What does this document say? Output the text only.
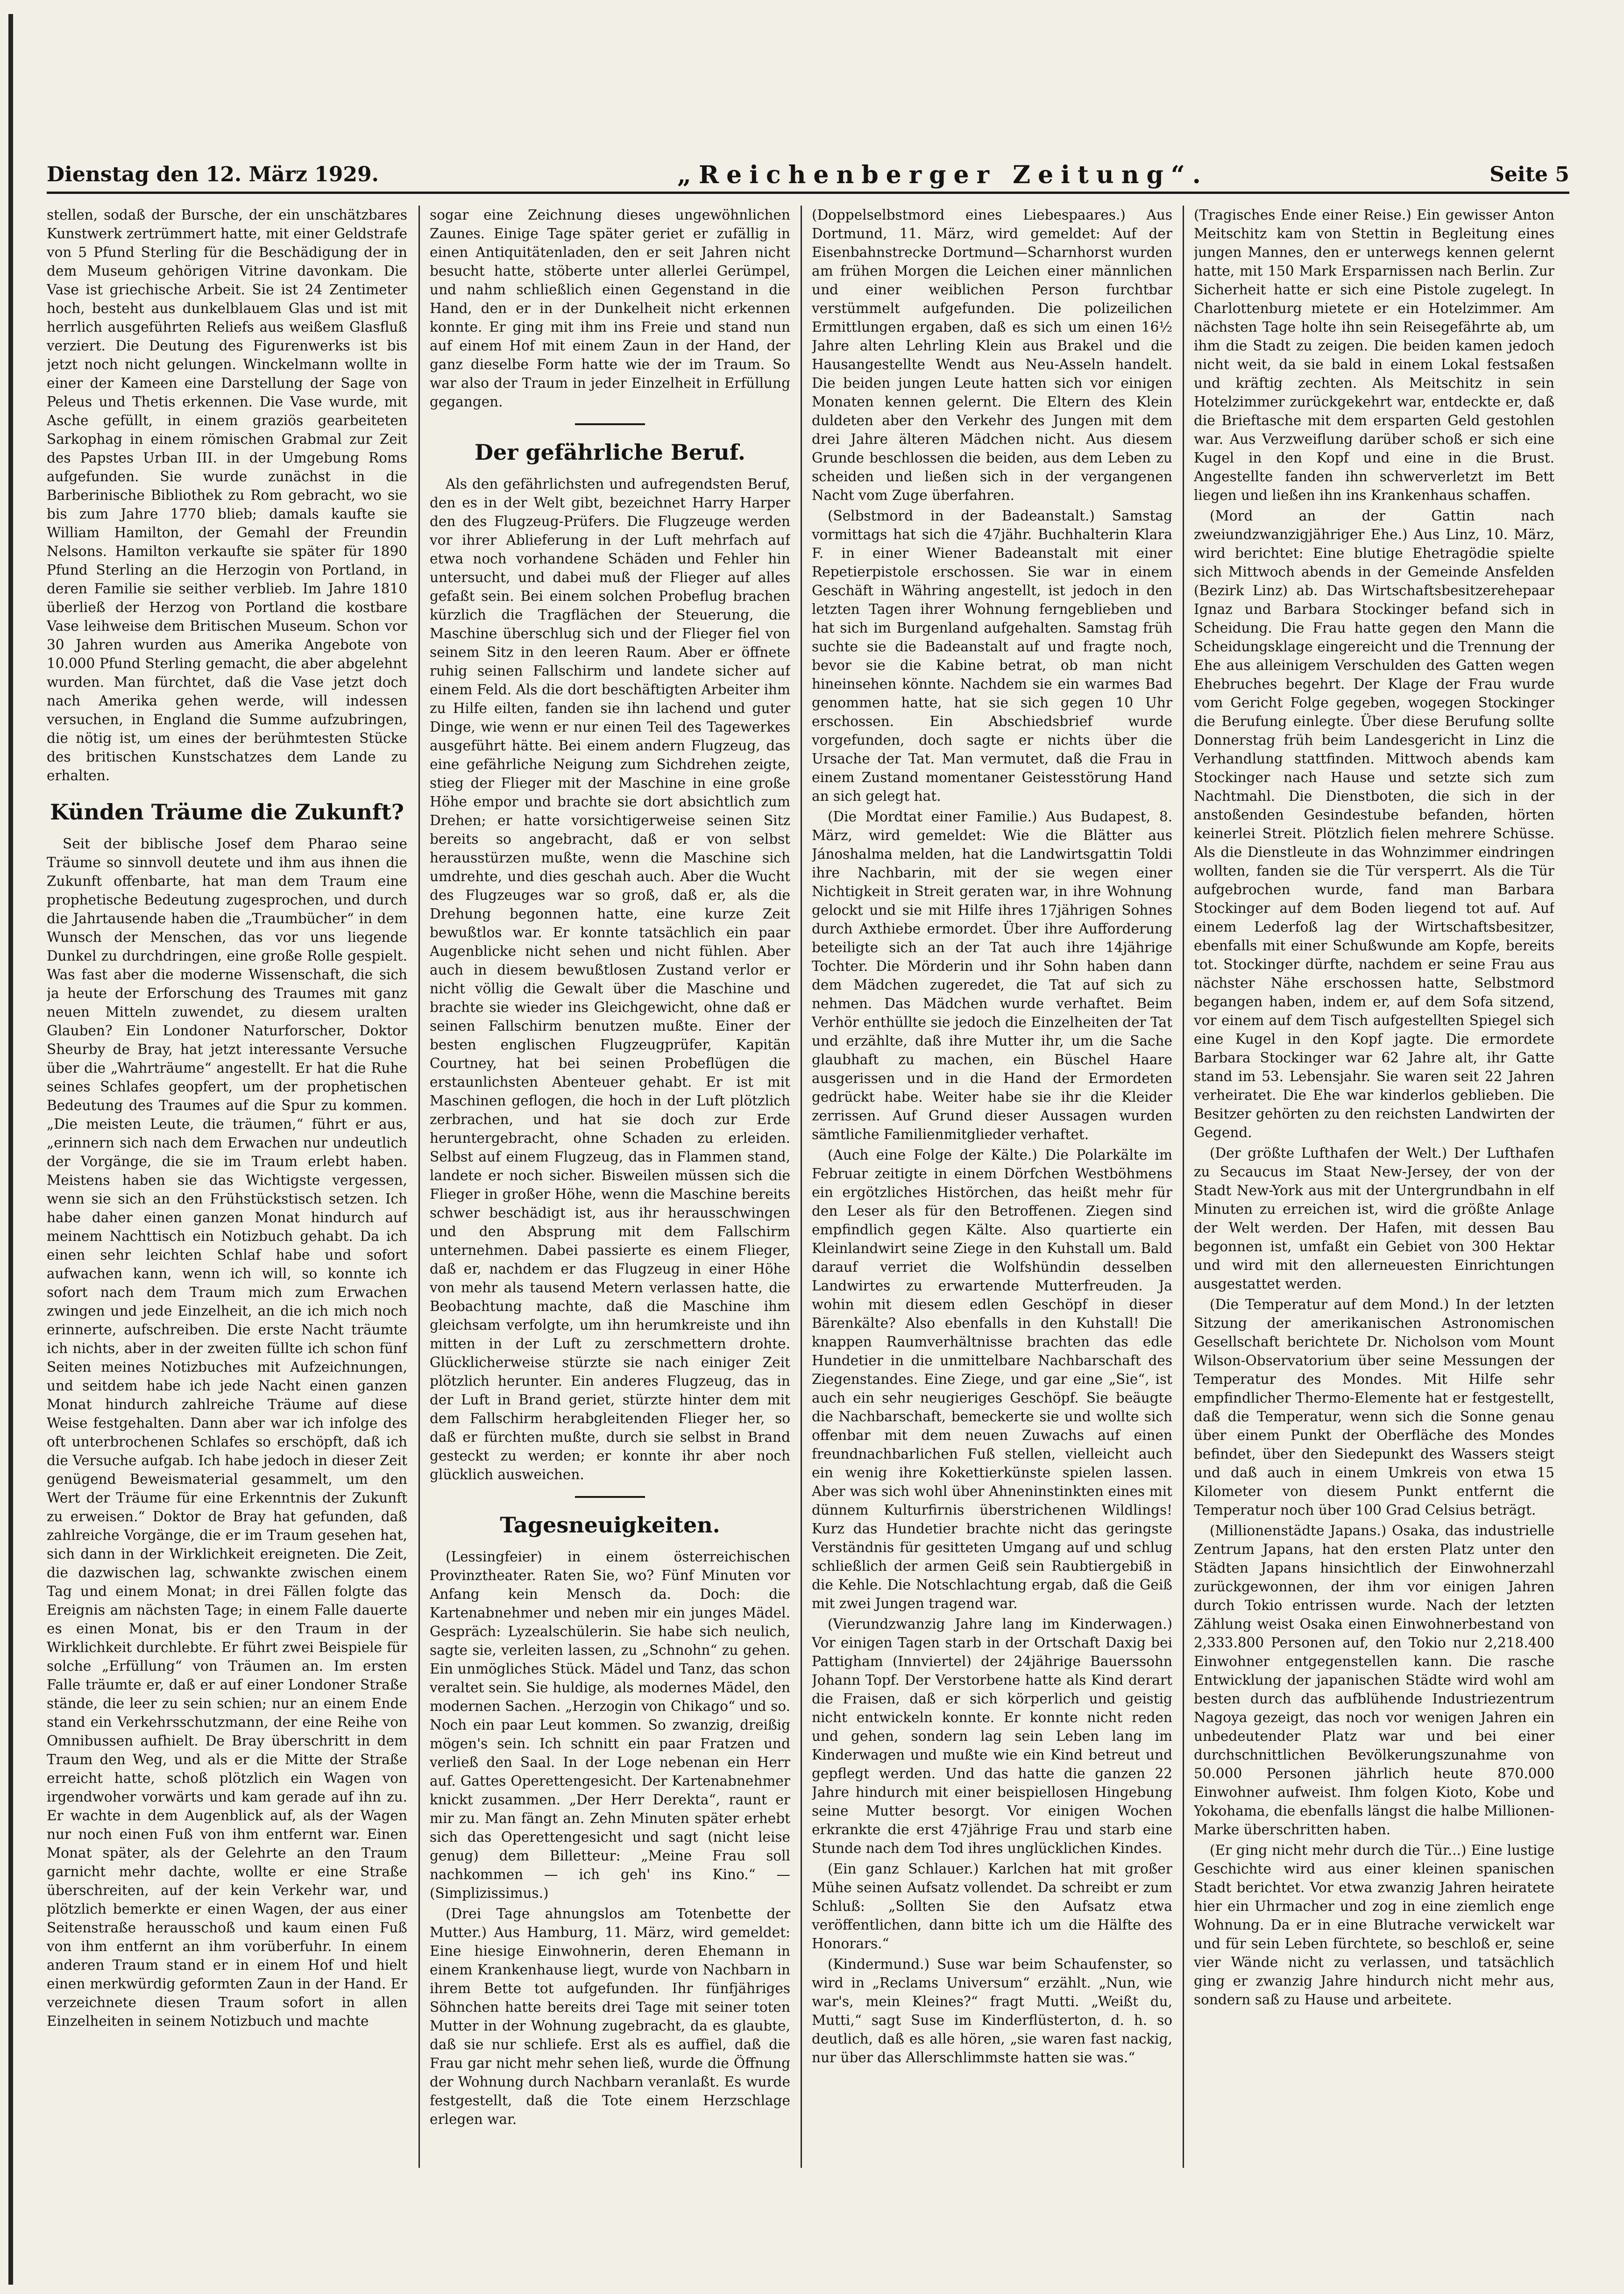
Dienstag den 12. März 1929.	„Reichenberger Zeitung“.	Seite 5

stellen, sodaß der Bursche, der ein unschätzbares Kunstwerk zertrümmert hatte, mit einer Geldstrafe von 5 Pfund Sterling für die Beschädigung der in dem Museum gehörigen Vitrine davonkam. Die Vase ist griechische Arbeit. Sie ist 24 Zentimeter hoch, besteht aus dunkelblauem Glas und ist mit herrlich ausgeführten Reliefs aus weißem Glasfluß verziert. Die Deutung des Figurenwerks ist bis jetzt noch nicht gelungen. Winckelmann wollte in einer der Kameen eine Darstellung der Sage von Peleus und Thetis erkennen. Die Vase wurde, mit Asche gefüllt, in einem graziös gearbeiteten Sarkophag in einem römischen Grabmal zur Zeit des Papstes Urban III. in der Umgebung Roms aufgefunden. Sie wurde zunächst in die Barberinische Bibliothek zu Rom gebracht, wo sie bis zum Jahre 1770 blieb; damals kaufte sie William Hamilton, der Gemahl der Freundin Nelsons. Hamilton verkaufte sie später für 1890 Pfund Sterling an die Herzogin von Portland, in deren Familie sie seither verblieb. Im Jahre 1810 überließ der Herzog von Portland die kostbare Vase leihweise dem Britischen Museum. Schon vor 30 Jahren wurden aus Amerika Angebote von 10.000 Pfund Sterling gemacht, die aber abgelehnt wurden. Man fürchtet, daß die Vase jetzt doch nach Amerika gehen werde, will indessen versuchen, in England die Summe aufzubringen, die nötig ist, um eines der berühmtesten Stücke des britischen Kunstschatzes dem Lande zu erhalten.

Künden Träume die Zukunft?

Seit der biblische Josef dem Pharao seine Träume so sinnvoll deutete und ihm aus ihnen die Zukunft offenbarte, hat man dem Traum eine prophetische Bedeutung zugesprochen, und durch die Jahrtausende haben die „Traumbücher“ in dem Wunsch der Menschen, das vor uns liegende Dunkel zu durchdringen, eine große Rolle gespielt. Was fast aber die moderne Wissenschaft, die sich ja heute der Erforschung des Traumes mit ganz neuen Mitteln zuwendet, zu diesem uralten Glauben? Ein Londoner Naturforscher, Doktor Sheurby de Bray, hat jetzt interessante Versuche über die „Wahrträume“ angestellt. Er hat die Ruhe seines Schlafes geopfert, um der prophetischen Bedeutung des Traumes auf die Spur zu kommen. „Die meisten Leute, die träumen,“ führt er aus, „erinnern sich nach dem Erwachen nur undeutlich der Vorgänge, die sie im Traum erlebt haben. Meistens haben sie das Wichtigste vergessen, wenn sie sich an den Frühstückstisch setzen. Ich habe daher einen ganzen Monat hindurch auf meinem Nachttisch ein Notizbuch gehabt. Da ich einen sehr leichten Schlaf habe und sofort aufwachen kann, wenn ich will, so konnte ich sofort nach dem Traum mich zum Erwachen zwingen und jede Einzelheit, an die ich mich noch erinnerte, aufschreiben. Die erste Nacht träumte ich nichts, aber in der zweiten füllte ich schon fünf Seiten meines Notizbuches mit Aufzeichnungen, und seitdem habe ich jede Nacht einen ganzen Monat hindurch zahlreiche Träume auf diese Weise festgehalten. Dann aber war ich infolge des oft unterbrochenen Schlafes so erschöpft, daß ich die Versuche aufgab. Ich habe jedoch in dieser Zeit genügend Beweismaterial gesammelt, um den Wert der Träume für eine Erkenntnis der Zukunft zu erweisen.“ Doktor de Bray hat gefunden, daß zahlreiche Vorgänge, die er im Traum gesehen hat, sich dann in der Wirklichkeit ereigneten. Die Zeit, die dazwischen lag, schwankte zwischen einem Tag und einem Monat; in drei Fällen folgte das Ereignis am nächsten Tage; in einem Falle dauerte es einen Monat, bis er den Traum in der Wirklichkeit durchlebte. Er führt zwei Beispiele für solche „Erfüllung“ von Träumen an. Im ersten Falle träumte er, daß er auf einer Londoner Straße stände, die leer zu sein schien; nur an einem Ende stand ein Verkehrsschutzmann, der eine Reihe von Omnibussen aufhielt. De Bray überschritt in dem Traum den Weg, und als er die Mitte der Straße erreicht hatte, schoß plötzlich ein Wagen von irgendwoher vorwärts und kam gerade auf ihn zu. Er wachte in dem Augenblick auf, als der Wagen nur noch einen Fuß von ihm entfernt war. Einen Monat später, als der Gelehrte an den Traum garnicht mehr dachte, wollte er eine Straße überschreiten, auf der kein Verkehr war, und plötzlich bemerkte er einen Wagen, der aus einer Seitenstraße herausschoß und kaum einen Fuß von ihm entfernt an ihm vorüberfuhr. In einem anderen Traum stand er in einem Hof und hielt einen merkwürdig geformten Zaun in der Hand. Er verzeichnete diesen Traum sofort in allen Einzelheiten in seinem Notizbuch und machte

sogar eine Zeichnung dieses ungewöhnlichen Zaunes. Einige Tage später geriet er zufällig in einen Antiquitätenladen, den er seit Jahren nicht besucht hatte, stöberte unter allerlei Gerümpel, und nahm schließlich einen Gegenstand in die Hand, den er in der Dunkelheit nicht erkennen konnte. Er ging mit ihm ins Freie und stand nun auf einem Hof mit einem Zaun in der Hand, der ganz dieselbe Form hatte wie der im Traum. So war also der Traum in jeder Einzelheit in Erfüllung gegangen.

Der gefährliche Beruf.

Als den gefährlichsten und aufregendsten Beruf, den es in der Welt gibt, bezeichnet Harry Harper den des Flugzeug-Prüfers. Die Flugzeuge werden vor ihrer Ablieferung in der Luft mehrfach auf etwa noch vorhandene Schäden und Fehler hin untersucht, und dabei muß der Flieger auf alles gefaßt sein. Bei einem solchen Probeflug brachen kürzlich die Tragflächen der Steuerung, die Maschine überschlug sich und der Flieger fiel von seinem Sitz in den leeren Raum. Aber er öffnete ruhig seinen Fallschirm und landete sicher auf einem Feld. Als die dort beschäftigten Arbeiter ihm zu Hilfe eilten, fanden sie ihn lachend und guter Dinge, wie wenn er nur einen Teil des Tagewerkes ausgeführt hätte. Bei einem andern Flugzeug, das eine gefährliche Neigung zum Sichdrehen zeigte, stieg der Flieger mit der Maschine in eine große Höhe empor und brachte sie dort absichtlich zum Drehen; er hatte vorsichtigerweise seinen Sitz bereits so angebracht, daß er von selbst herausstürzen mußte, wenn die Maschine sich umdrehte, und dies geschah auch. Aber die Wucht des Flugzeuges war so groß, daß er, als die Drehung begonnen hatte, eine kurze Zeit bewußtlos war. Er konnte tatsächlich ein paar Augenblicke nicht sehen und nicht fühlen. Aber auch in diesem bewußtlosen Zustand verlor er nicht völlig die Gewalt über die Maschine und brachte sie wieder ins Gleichgewicht, ohne daß er seinen Fallschirm benutzen mußte. Einer der besten englischen Flugzeugprüfer, Kapitän Courtney, hat bei seinen Probeflügen die erstaunlichsten Abenteuer gehabt. Er ist mit Maschinen geflogen, die hoch in der Luft plötzlich zerbrachen, und hat sie doch zur Erde heruntergebracht, ohne Schaden zu erleiden. Selbst auf einem Flugzeug, das in Flammen stand, landete er noch sicher. Bisweilen müssen sich die Flieger in großer Höhe, wenn die Maschine bereits schwer beschädigt ist, aus ihr herausschwingen und den Absprung mit dem Fallschirm unternehmen. Dabei passierte es einem Flieger, daß er, nachdem er das Flugzeug in einer Höhe von mehr als tausend Metern verlassen hatte, die Beobachtung machte, daß die Maschine ihm gleichsam verfolgte, um ihn herumkreiste und ihn mitten in der Luft zu zerschmettern drohte. Glücklicherweise stürzte sie nach einiger Zeit plötzlich herunter. Ein anderes Flugzeug, das in der Luft in Brand geriet, stürzte hinter dem mit dem Fallschirm herabgleitenden Flieger her, so daß er fürchten mußte, durch sie selbst in Brand gesteckt zu werden; er konnte ihr aber noch glücklich ausweichen.

Tagesneuigkeiten.

(Lessingfeier) in einem österreichischen Provinztheater. Raten Sie, wo? Fünf Minuten vor Anfang kein Mensch da. Doch: die Kartenabnehmer und neben mir ein junges Mädel. Gespräch: Lyzealschülerin. Sie habe sich neulich, sagte sie, verleiten lassen, zu „Schnohn“ zu gehen. Ein unmögliches Stück. Mädel und Tanz, das schon veraltet sein. Sie huldige, als modernes Mädel, den modernen Sachen. „Herzogin von Chikago“ und so. Noch ein paar Leut kommen. So zwanzig, dreißig mögen's sein. Ich schnitt ein paar Fratzen und verließ den Saal. In der Loge nebenan ein Herr auf. Gattes Operettengesicht. Der Kartenabnehmer knickt zusammen. „Der Herr Derekta“, raunt er mir zu. Man fängt an. Zehn Minuten später erhebt sich das Operettengesicht und sagt (nicht leise genug) dem Billetteur: „Meine Frau soll nachkommen — ich geh' ins Kino.“ — (Simplizissimus.)

(Drei Tage ahnungslos am Totenbette der Mutter.) Aus Hamburg, 11. März, wird gemeldet: Eine hiesige Einwohnerin, deren Ehemann in einem Krankenhause liegt, wurde von Nachbarn in ihrem Bette tot aufgefunden. Ihr fünfjähriges Söhnchen hatte bereits drei Tage mit seiner toten Mutter in der Wohnung zugebracht, da es glaubte, daß sie nur schliefe. Erst als es auffiel, daß die Frau gar nicht mehr sehen ließ, wurde die Öffnung der Wohnung durch Nachbarn veranlaßt. Es wurde festgestellt, daß die Tote einem Herzschlage erlegen war.

(Doppelselbstmord eines Liebespaares.) Aus Dortmund, 11. März, wird gemeldet: Auf der Eisenbahnstrecke Dortmund—Scharnhorst wurden am frühen Morgen die Leichen einer männlichen und einer weiblichen Person furchtbar verstümmelt aufgefunden. Die polizeilichen Ermittlungen ergaben, daß es sich um einen 16½ Jahre alten Lehrling Klein aus Brakel und die Hausangestellte Wendt aus Neu-Asseln handelt. Die beiden jungen Leute hatten sich vor einigen Monaten kennen gelernt. Die Eltern des Klein duldeten aber den Verkehr des Jungen mit dem drei Jahre älteren Mädchen nicht. Aus diesem Grunde beschlossen die beiden, aus dem Leben zu scheiden und ließen sich in der vergangenen Nacht vom Zuge überfahren.

(Selbstmord in der Badeanstalt.) Samstag vormittags hat sich die 47jähr. Buchhalterin Klara F. in einer Wiener Badeanstalt mit einer Repetierpistole erschossen. Sie war in einem Geschäft in Währing angestellt, ist jedoch in den letzten Tagen ihrer Wohnung ferngeblieben und hat sich im Burgenland aufgehalten. Samstag früh suchte sie die Badeanstalt auf und fragte noch, bevor sie die Kabine betrat, ob man nicht hineinsehen könnte. Nachdem sie ein warmes Bad genommen hatte, hat sie sich gegen 10 Uhr erschossen. Ein Abschiedsbrief wurde vorgefunden, doch sagte er nichts über die Ursache der Tat. Man vermutet, daß die Frau in einem Zustand momentaner Geistesstörung Hand an sich gelegt hat.

(Die Mordtat einer Familie.) Aus Budapest, 8. März, wird gemeldet: Wie die Blätter aus Jánoshalma melden, hat die Landwirtsgattin Toldi ihre Nachbarin, mit der sie wegen einer Nichtigkeit in Streit geraten war, in ihre Wohnung gelockt und sie mit Hilfe ihres 17jährigen Sohnes durch Axthiebe ermordet. Über ihre Aufforderung beteiligte sich an der Tat auch ihre 14jährige Tochter. Die Mörderin und ihr Sohn haben dann dem Mädchen zugeredet, die Tat auf sich zu nehmen. Das Mädchen wurde verhaftet. Beim Verhör enthüllte sie jedoch die Einzelheiten der Tat und erzählte, daß ihre Mutter ihr, um die Sache glaubhaft zu machen, ein Büschel Haare ausgerissen und in die Hand der Ermordeten gedrückt habe. Weiter habe sie ihr die Kleider zerrissen. Auf Grund dieser Aussagen wurden sämtliche Familienmitglieder verhaftet.

(Auch eine Folge der Kälte.) Die Polarkälte im Februar zeitigte in einem Dörfchen Westböhmens ein ergötzliches Histörchen, das heißt mehr für den Leser als für den Betroffenen. Ziegen sind empfindlich gegen Kälte. Also quartierte ein Kleinlandwirt seine Ziege in den Kuhstall um. Bald darauf verriet die Wolfshündin desselben Landwirtes zu erwartende Mutterfreuden. Ja wohin mit diesem edlen Geschöpf in dieser Bärenkälte? Also ebenfalls in den Kuhstall! Die knappen Raumverhältnisse brachten das edle Hundetier in die unmittelbare Nachbarschaft des Ziegenstandes. Eine Ziege, und gar eine „Sie“, ist auch ein sehr neugieriges Geschöpf. Sie beäugte die Nachbarschaft, bemeckerte sie und wollte sich offenbar mit dem neuen Zuwachs auf einen freundnachbarlichen Fuß stellen, vielleicht auch ein wenig ihre Kokettierkünste spielen lassen. Aber was sich wohl über Ahneninstinkten eines mit dünnem Kulturfirnis überstrichenen Wildlings! Kurz das Hundetier brachte nicht das geringste Verständnis für gesitteten Umgang auf und schlug schließlich der armen Geiß sein Raubtiergebiß in die Kehle. Die Notschlachtung ergab, daß die Geiß mit zwei Jungen tragend war.

(Vierundzwanzig Jahre lang im Kinderwagen.) Vor einigen Tagen starb in der Ortschaft Daxig bei Pattigham (Innviertel) der 24jährige Bauerssohn Johann Topf. Der Verstorbene hatte als Kind derart die Fraisen, daß er sich körperlich und geistig nicht entwickeln konnte. Er konnte nicht reden und gehen, sondern lag sein Leben lang im Kinderwagen und mußte wie ein Kind betreut und gepflegt werden. Und das hatte die ganzen 22 Jahre hindurch mit einer beispiellosen Hingebung seine Mutter besorgt. Vor einigen Wochen erkrankte die erst 47jährige Frau und starb eine Stunde nach dem Tod ihres unglücklichen Kindes.

(Ein ganz Schlauer.) Karlchen hat mit großer Mühe seinen Aufsatz vollendet. Da schreibt er zum Schluß: „Sollten Sie den Aufsatz etwa veröffentlichen, dann bitte ich um die Hälfte des Honorars.“

(Kindermund.) Suse war beim Schaufenster, so wird in „Reclams Universum“ erzählt. „Nun, wie war's, mein Kleines?“ fragt Mutti. „Weißt du, Mutti,“ sagt Suse im Kinderflüsterton, d. h. so deutlich, daß es alle hören, „sie waren fast nackig, nur über das Allerschlimmste hatten sie was.“

(Tragisches Ende einer Reise.) Ein gewisser Anton Meitschitz kam von Stettin in Begleitung eines jungen Mannes, den er unterwegs kennen gelernt hatte, mit 150 Mark Ersparnissen nach Berlin. Zur Sicherheit hatte er sich eine Pistole zugelegt. In Charlottenburg mietete er ein Hotelzimmer. Am nächsten Tage holte ihn sein Reisegefährte ab, um ihm die Stadt zu zeigen. Die beiden kamen jedoch nicht weit, da sie bald in einem Lokal festsaßen und kräftig zechten. Als Meitschitz in sein Hotelzimmer zurückgekehrt war, entdeckte er, daß die Brieftasche mit dem ersparten Geld gestohlen war. Aus Verzweiflung darüber schoß er sich eine Kugel in den Kopf und eine in die Brust. Angestellte fanden ihn schwerverletzt im Bett liegen und ließen ihn ins Krankenhaus schaffen.

(Mord an der Gattin nach zweiundzwanzigjähriger Ehe.) Aus Linz, 10. März, wird berichtet: Eine blutige Ehetragödie spielte sich Mittwoch abends in der Gemeinde Ansfelden (Bezirk Linz) ab. Das Wirtschaftsbesitzerehepaar Ignaz und Barbara Stockinger befand sich in Scheidung. Die Frau hatte gegen den Mann die Scheidungsklage eingereicht und die Trennung der Ehe aus alleinigem Verschulden des Gatten wegen Ehebruches begehrt. Der Klage der Frau wurde vom Gericht Folge gegeben, wogegen Stockinger die Berufung einlegte. Über diese Berufung sollte Donnerstag früh beim Landesgericht in Linz die Verhandlung stattfinden. Mittwoch abends kam Stockinger nach Hause und setzte sich zum Nachtmahl. Die Dienstboten, die sich in der anstoßenden Gesindestube befanden, hörten keinerlei Streit. Plötzlich fielen mehrere Schüsse. Als die Dienstleute in das Wohnzimmer eindringen wollten, fanden sie die Tür versperrt. Als die Tür aufgebrochen wurde, fand man Barbara Stockinger auf dem Boden liegend tot auf. Auf einem Lederfoß lag der Wirtschaftsbesitzer, ebenfalls mit einer Schußwunde am Kopfe, bereits tot. Stockinger dürfte, nachdem er seine Frau aus nächster Nähe erschossen hatte, Selbstmord begangen haben, indem er, auf dem Sofa sitzend, vor einem auf dem Tisch aufgestellten Spiegel sich eine Kugel in den Kopf jagte. Die ermordete Barbara Stockinger war 62 Jahre alt, ihr Gatte stand im 53. Lebensjahr. Sie waren seit 22 Jahren verheiratet. Die Ehe war kinderlos geblieben. Die Besitzer gehörten zu den reichsten Landwirten der Gegend.

(Der größte Lufthafen der Welt.) Der Lufthafen zu Secaucus im Staat New-Jersey, der von der Stadt New-York aus mit der Untergrundbahn in elf Minuten zu erreichen ist, wird die größte Anlage der Welt werden. Der Hafen, mit dessen Bau begonnen ist, umfaßt ein Gebiet von 300 Hektar und wird mit den allerneuesten Einrichtungen ausgestattet werden.

(Die Temperatur auf dem Mond.) In der letzten Sitzung der amerikanischen Astronomischen Gesellschaft berichtete Dr. Nicholson vom Mount Wilson-Observatorium über seine Messungen der Temperatur des Mondes. Mit Hilfe sehr empfindlicher Thermo-Elemente hat er festgestellt, daß die Temperatur, wenn sich die Sonne genau über einem Punkt der Oberfläche des Mondes befindet, über den Siedepunkt des Wassers steigt und daß auch in einem Umkreis von etwa 15 Kilometer von diesem Punkt entfernt die Temperatur noch über 100 Grad Celsius beträgt.

(Millionenstädte Japans.) Osaka, das industrielle Zentrum Japans, hat den ersten Platz unter den Städten Japans hinsichtlich der Einwohnerzahl zurückgewonnen, der ihm vor einigen Jahren durch Tokio entrissen wurde. Nach der letzten Zählung weist Osaka einen Einwohnerbestand von 2,333.800 Personen auf, den Tokio nur 2,218.400 Einwohner entgegenstellen kann. Die rasche Entwicklung der japanischen Städte wird wohl am besten durch das aufblühende Industriezentrum Nagoya gezeigt, das noch vor wenigen Jahren ein unbedeutender Platz war und bei einer durchschnittlichen Bevölkerungszunahme von 50.000 Personen jährlich heute 870.000 Einwohner aufweist. Ihm folgen Kioto, Kobe und Yokohama, die ebenfalls längst die halbe Millionen-Marke überschritten haben.

(Er ging nicht mehr durch die Tür...) Eine lustige Geschichte wird aus einer kleinen spanischen Stadt berichtet. Vor etwa zwanzig Jahren heiratete hier ein Uhrmacher und zog in eine ziemlich enge Wohnung. Da er in eine Blutrache verwickelt war und für sein Leben fürchtete, so beschloß er, seine vier Wände nicht zu verlassen, und tatsächlich ging er zwanzig Jahre hindurch nicht mehr aus, sondern saß zu Hause und arbeitete.
